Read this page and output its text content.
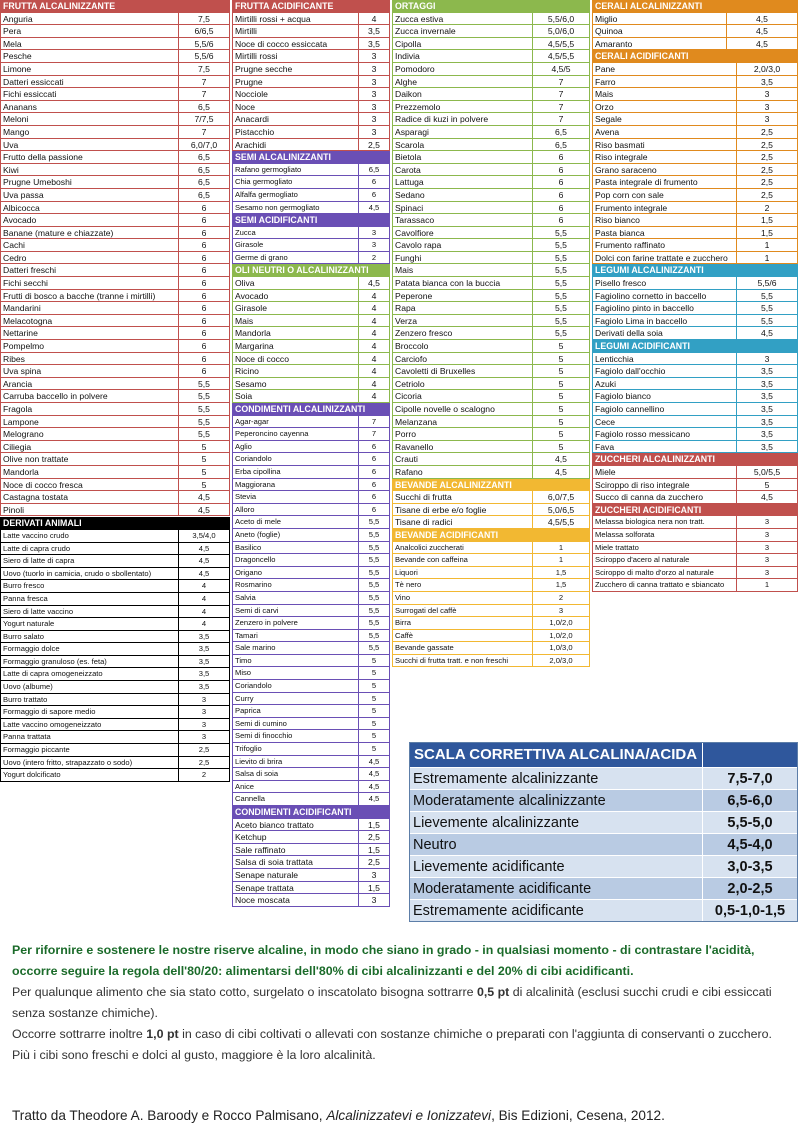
FRUTTA ALCALINIZZANTE
Anguria	7,5
Pera	6/6,5
Mela	5,5/6
Pesche	5,5/6
Limone	7,5
Datteri essiccati	7
Fichi essiccati	7
Ananans	6,5
Meloni	7/7,5
Mango	7
Uva	6,0/7,0
Frutto della passione	6,5
Kiwi	6,5
Prugne Umeboshi	6,5
Uva passa	6,5
Albicocca	6
Avocado	6
Banane (mature e chiazzate)	6
Cachi	6
Cedro	6
Datteri freschi	6
Fichi secchi	6
Frutti di bosco a bacche (tranne i mirtilli)	6
Mandarini	6
Melacotogna	6
Nettarine	6
Pompelmo	6
Ribes	6
Uva spina	6
Arancia	5,5
Carruba baccello in polvere	5,5
Fragola	5,5
Lampone	5,5
Melograno	5,5
Ciliegia	5
Olive non trattate	5
Mandorla	5
Noce di cocco fresca	5
Castagna tostata	4,5
Pinoli	4,5
DERIVATI ANIMALI
Latte vaccino crudo	3,5/4,0
Latte di capra crudo	4,5
Siero di latte di capra	4,5
Uovo (tuorlo in camicia, crudo o sbollentato)	4,5
Burro fresco	4
Panna fresca	4
Siero di latte vaccino	4
Yogurt naturale	4
Burro salato	3,5
Formaggio dolce	3,5
Formaggio granuloso (es. feta)	3,5
Latte di capra omogeneizzato	3,5
Uovo (albume)	3,5
Burro trattato	3
Formaggio di sapore medio	3
Latte vaccino omogeneizzato	3
Panna trattata	3
Formaggio piccante	2,5
Uovo (intero fritto, strapazzato o sodo)	2,5
Yogurt dolcificato	2
FRUTTA ACIDIFICANTE
Mirtilli rossi + acqua	4
Mirtilli	3,5
Noce di cocco essiccata	3,5
Mirtilli rossi	3
Prugne secche	3
Prugne	3
Nocciole	3
Noce	3
Anacardi	3
Pistacchio	3
Arachidi	2,5
SEMI ALCALINIZZANTI
Rafano germogliato	6,5
Chia germogliato	6
Alfalfa germogliato	6
Sesamo non germogliato	4,5
SEMI ACIDIFICANTI
Zucca	3
Girasole	3
Germe di grano	2
OLI NEUTRI O ALCALINIZZANTI
Oliva	4,5
Avocado	4
Girasole	4
Mais	4
Mandorla	4
Margarina	4
Noce di cocco	4
Ricino	4
Sesamo	4
Soia	4
CONDIMENTI ALCALINIZZANTI
Agar-agar	7
Peperoncino cayenna	7
Aglio	6
Coriandolo	6
Erba cipollina	6
Maggiorana	6
Stevia	6
Alloro	6
Aceto di mele	5,5
Aneto (foglie)	5,5
Basilico	5,5
Dragoncello	5,5
Origano	5,5
Rosmarino	5,5
Salvia	5,5
Semi di carvi	5,5
Zenzero in polvere	5,5
Tamari	5,5
Sale marino	5,5
Timo	5
Miso	5
Coriandolo	5
Curry	5
Paprica	5
Semi di cumino	5
Semi di finocchio	5
Trifoglio	5
Lievito di brira	4,5
Salsa di soia	4,5
Anice	4,5
Cannella	4,5
CONDIMENTI ACIDIFICANTI
Aceto bianco trattato	1,5
Ketchup	2,5
Sale raffinato	1,5
Salsa di soia trattata	2,5
Senape naturale	3
Senape trattata	1,5
Noce moscata	3
ORTAGGI
Zucca estiva	5,5/6,0
Zucca invernale	5,0/6,0
Cipolla	4,5/5,5
Indivia	4,5/5,5
Pomodoro	4,5/5
Alghe	7
Daikon	7
Prezzemolo	7
Radice di kuzi in polvere	7
Asparagi	6,5
Scarola	6,5
Bietola	6
Carota	6
Lattuga	6
Sedano	6
Spinaci	6
Tarassaco	6
Cavolfiore	5,5
Cavolo rapa	5,5
Funghi	5,5
Mais	5,5
Patata bianca con la buccia	5,5
Peperone	5,5
Rapa	5,5
Verza	5,5
Zenzero fresco	5,5
Broccolo	5
Carciofo	5
Cavoletti di Bruxelles	5
Cetriolo	5
Cicoria	5
Cipolle novelle o scalogno	5
Melanzana	5
Porro	5
Ravanello	5
Crauti	4,5
Rafano	4,5
BEVANDE ALCALINIZZANTI
Succhi di frutta	6,0/7,5
Tisane di erbe e/o foglie	5,0/6,5
Tisane di radici	4,5/5,5
BEVANDE ACIDIFICANTI
Analcolici zuccherati	1
Bevande con caffeina	1
Liquori	1,5
Tè nero	1,5
Vino	2
Surrogati del caffè	3
Birra	1,0/2,0
Caffè	1,0/2,0
Bevande gassate	1,0/3,0
Succhi di frutta tratt. e non freschi	2,0/3,0
CERALI ALCALINIZZANTI
Miglio	4,5
Quinoa	4,5
Amaranto	4,5
CERALI ACIDIFICANTI
Pane	2,0/3,0
Farro	3,5
Mais	3
Orzo	3
Segale	3
Avena	2,5
Riso basmati	2,5
Riso integrale	2,5
Grano saraceno	2,5
Pasta integrale di frumento	2,5
Pop corn con sale	2,5
Frumento integrale	2
Riso bianco	1,5
Pasta bianca	1,5
Frumento raffinato	1
Dolci con farine trattate e zucchero	1
LEGUMI ALCALINIZZANTI
Pisello fresco	5,5/6
Fagiolino cornetto in baccello	5,5
Fagiolino pinto in baccello	5,5
Fagiolo Lima in baccello	5,5
Derivati della soia	4,5
LEGUMI ACIDIFICANTI
Lenticchia	3
Fagiolo dall'occhio	3,5
Azuki	3,5
Fagiolo bianco	3,5
Fagiolo cannellino	3,5
Cece	3,5
Fagiolo rosso messicano	3,5
Fava	3,5
ZUCCHERI ALCALINIZZANTI
Miele	5,0/5,5
Sciroppo di riso integrale	5
Succo di canna da zucchero	4,5
ZUCCHERI ACIDIFICANTI
Melassa biologica nera non tratt.	3
Melassa solforata	3
Miele trattato	3
Sciroppo d'acero al naturale	3
Sciroppo di malto d'orzo al naturale	3
Zucchero di canna trattato e sbiancato	1
SCALA CORRETTIVA ALCALINA/ACIDA
Estremamente alcalinizzante	7,5-7,0
Moderatamente alcalinizzante	6,5-6,0
Lievemente alcalinizzante	5,5-5,0
Neutro	4,5-4,0
Lievemente acidificante	3,0-3,5
Moderatamente acidificante	2,0-2,5
Estremamente acidificante	0,5-1,0-1,5

Per rifornire e sostenere le nostre riserve alcaline, in modo che siano in grado - in qualsiasi momento - di contrastare l'acidità, occorre seguire la regola dell'80/20: alimentarsi dell'80% di cibi alcalinizzanti e del 20% di cibi acidificanti.

Per qualunque alimento che sia stato cotto, surgelato o inscatolato bisogna sottrarre 0,5 pt di alcalinità (esclusi succhi crudi e cibi essiccati senza sostanze chimiche).

Occorre sottrarre inoltre 1,0 pt in caso di cibi coltivati o allevati con sostanze chimiche o preparati con l'aggiunta di conservanti o zucchero.

Più i cibi sono freschi e dolci al gusto, maggiore è la loro alcalinità.

Tratto da Theodore A. Baroody e Rocco Palmisano, Alcalinizzatevi e Ionizzatevi, Bis Edizioni, Cesena, 2012.
